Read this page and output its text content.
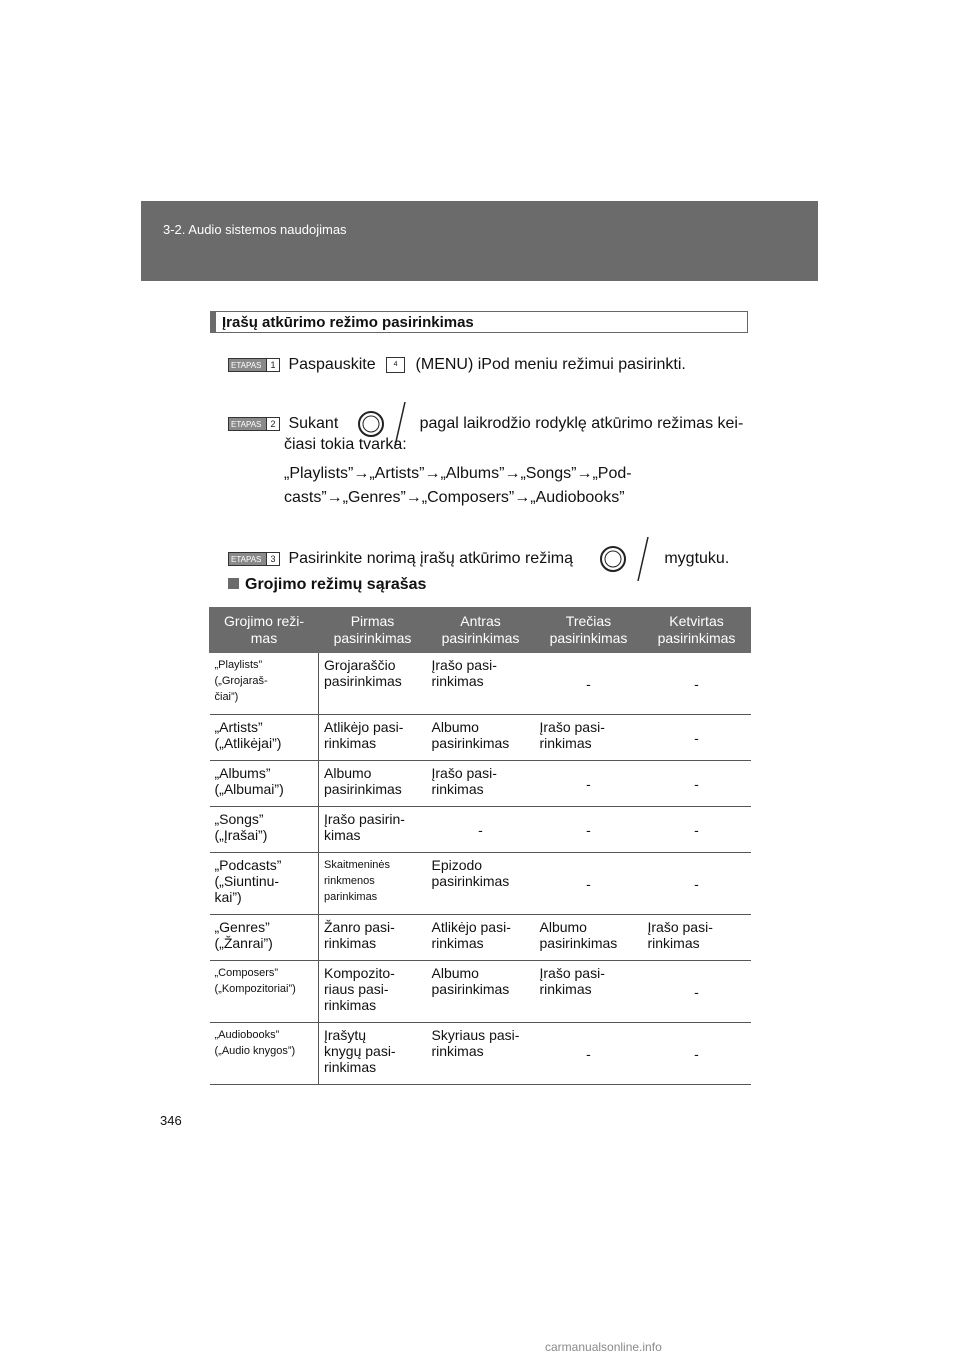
3-2. Audio sistemos naudojimas
Įrašų atkūrimo režimo pasirinkimas
ETAPAS	1 Paspauskite	4 (MENU) iPod meniu režimui pasirinkti.
ETAPAS	2 Sukant	pagal laikrodžio rodyklę atkūrimo režimas kei-
čiasi tokia tvarka:
„Playlists”→„Artists”→„Albums”→„Songs”→„Pod-
casts”→„Genres”→„Composers”→„Audiobooks”
ETAPAS	3 Pasirinkite norimą įrašų atkūrimo režimą	mygtuku.
Grojimo režimų sąrašas
Grojimo reži-
mas	Pirmas
pasirinkimas	Antras
pasirinkimas	Trečias
pasirinkimas	Ketvirtas
pasirinkimas
„Playlists”
(„Grojaraš-
čiai”)	Grojaraščio
pasirinkimas	Įrašo pasi-
rinkimas	-	-
„Artists”
(„Atlikėjai”)	Atlikėjo pasi-
rinkimas	Albumo
pasirinkimas	Įrašo pasi-
rinkimas	-
„Albums”
(„Albumai”)	Albumo
pasirinkimas	Įrašo pasi-
rinkimas	-	-
„Songs”
(„Įrašai”)	Įrašo pasirin-
kimas	-	-	-
„Podcasts”
(„Siuntinu-
kai”)	Skaitmeninės
rinkmenos
parinkimas	Epizodo
pasirinkimas	-	-
„Genres”
(„Žanrai”)	Žanro pasi-
rinkimas	Atlikėjo pasi-
rinkimas	Albumo
pasirinkimas	Įrašo pasi-
rinkimas
„Composers”
(„Kompozitoriai”)	Kompozito-
riaus pasi-
rinkimas	Albumo
pasirinkimas	Įrašo pasi-
rinkimas	-
„Audiobooks”
(„Audio knygos”)	Įrašytų
knygų pasi-
rinkimas	Skyriaus pasi-
rinkimas	-	-
346
carmanualsonline.info
